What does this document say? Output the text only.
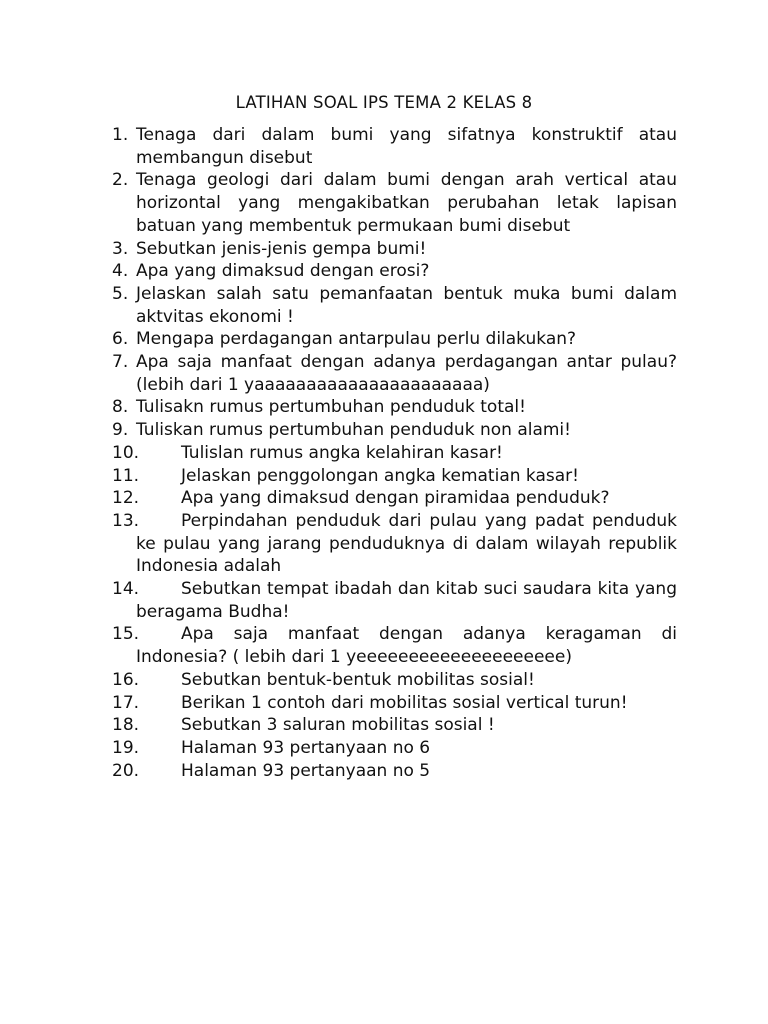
LATIHAN SOAL IPS TEMA 2 KELAS 8
1. Tenaga dari dalam bumi yang sifatnya konstruktif atau membangun disebut
2. Tenaga geologi dari dalam bumi dengan arah vertical atau horizontal yang mengakibatkan perubahan letak lapisan batuan yang membentuk permukaan bumi disebut
3. Sebutkan jenis-jenis gempa bumi!
4. Apa yang dimaksud dengan erosi?
5. Jelaskan salah satu pemanfaatan bentuk muka bumi dalam aktvitas ekonomi !
6. Mengapa perdagangan antarpulau perlu dilakukan?
7. Apa saja manfaat dengan adanya perdagangan antar pulau? (lebih dari 1 yaaaaaaaaaaaaaaaaaaaaaa)
8. Tulisakn rumus pertumbuhan penduduk total!
9. Tuliskan rumus pertumbuhan penduduk non alami!
10.	Tulislan rumus angka kelahiran kasar!
11.	Jelaskan penggolongan angka kematian kasar!
12.	Apa yang dimaksud dengan piramidaa penduduk?
13.	Perpindahan penduduk dari pulau yang padat penduduk ke pulau yang jarang penduduknya di dalam wilayah republik Indonesia adalah
14.	Sebutkan tempat ibadah dan kitab suci saudara kita yang beragama Budha!
15.	Apa saja manfaat dengan adanya keragaman di Indonesia? ( lebih dari 1 yeeeeeeeeeeeeeeeeeeee)
16.	Sebutkan bentuk-bentuk mobilitas sosial!
17.	Berikan 1 contoh dari mobilitas sosial vertical turun!
18.	Sebutkan 3 saluran mobilitas sosial !
19.	Halaman 93 pertanyaan no 6
20.	Halaman 93 pertanyaan no 5
